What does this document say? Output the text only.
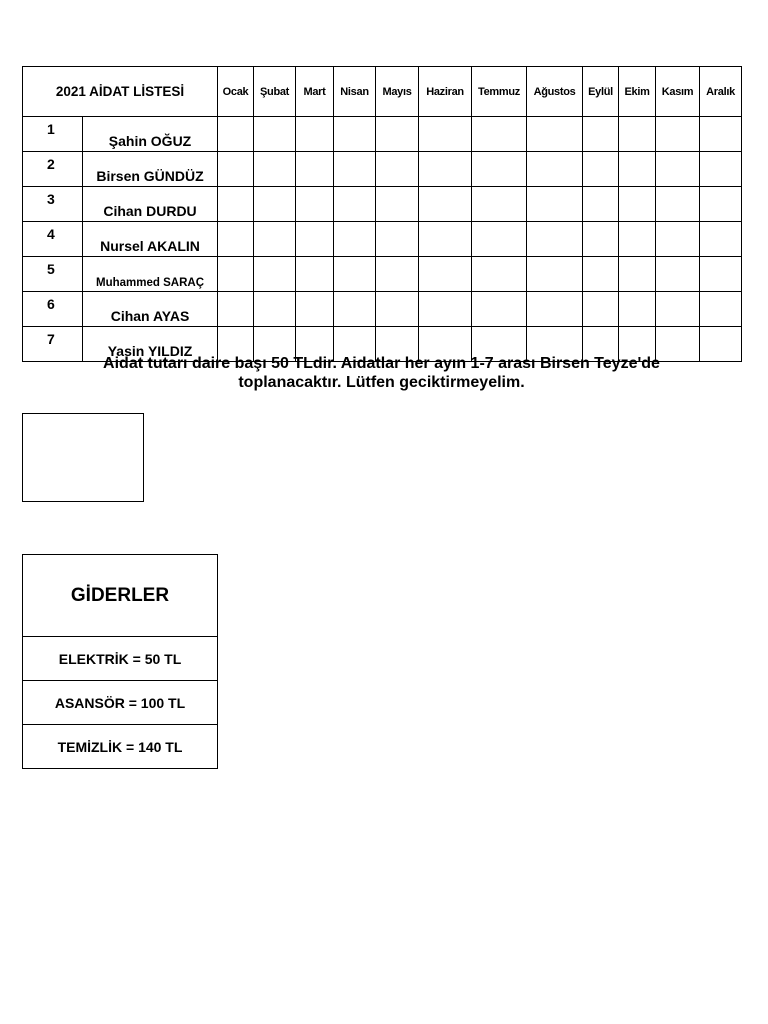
2021 AİDAT LİSTESİ		Ocak	Şubat	Mart	Nisan	Mayıs	Haziran	Temmuz	Ağustos	Eylül	Ekim	Kasım	Aralık
1	Şahin OĞUZ												
2	Birsen GÜNDÜZ												
3	Cihan DURDU												
4	Nursel AKALIN												
5	Muhammed SARAÇ												
6	Cihan AYAS												
7	Yasin YILDIZ												
Aidat tutarı daire başı 50 TLdir. Aidatlar her ayın 1-7 arası Birsen Teyze'de
toplanacaktır. Lütfen geciktirmeyelim.
GİDERLER
ELEKTRİK = 50 TL
ASANSÖR = 100 TL
TEMİZLİK = 140 TL
